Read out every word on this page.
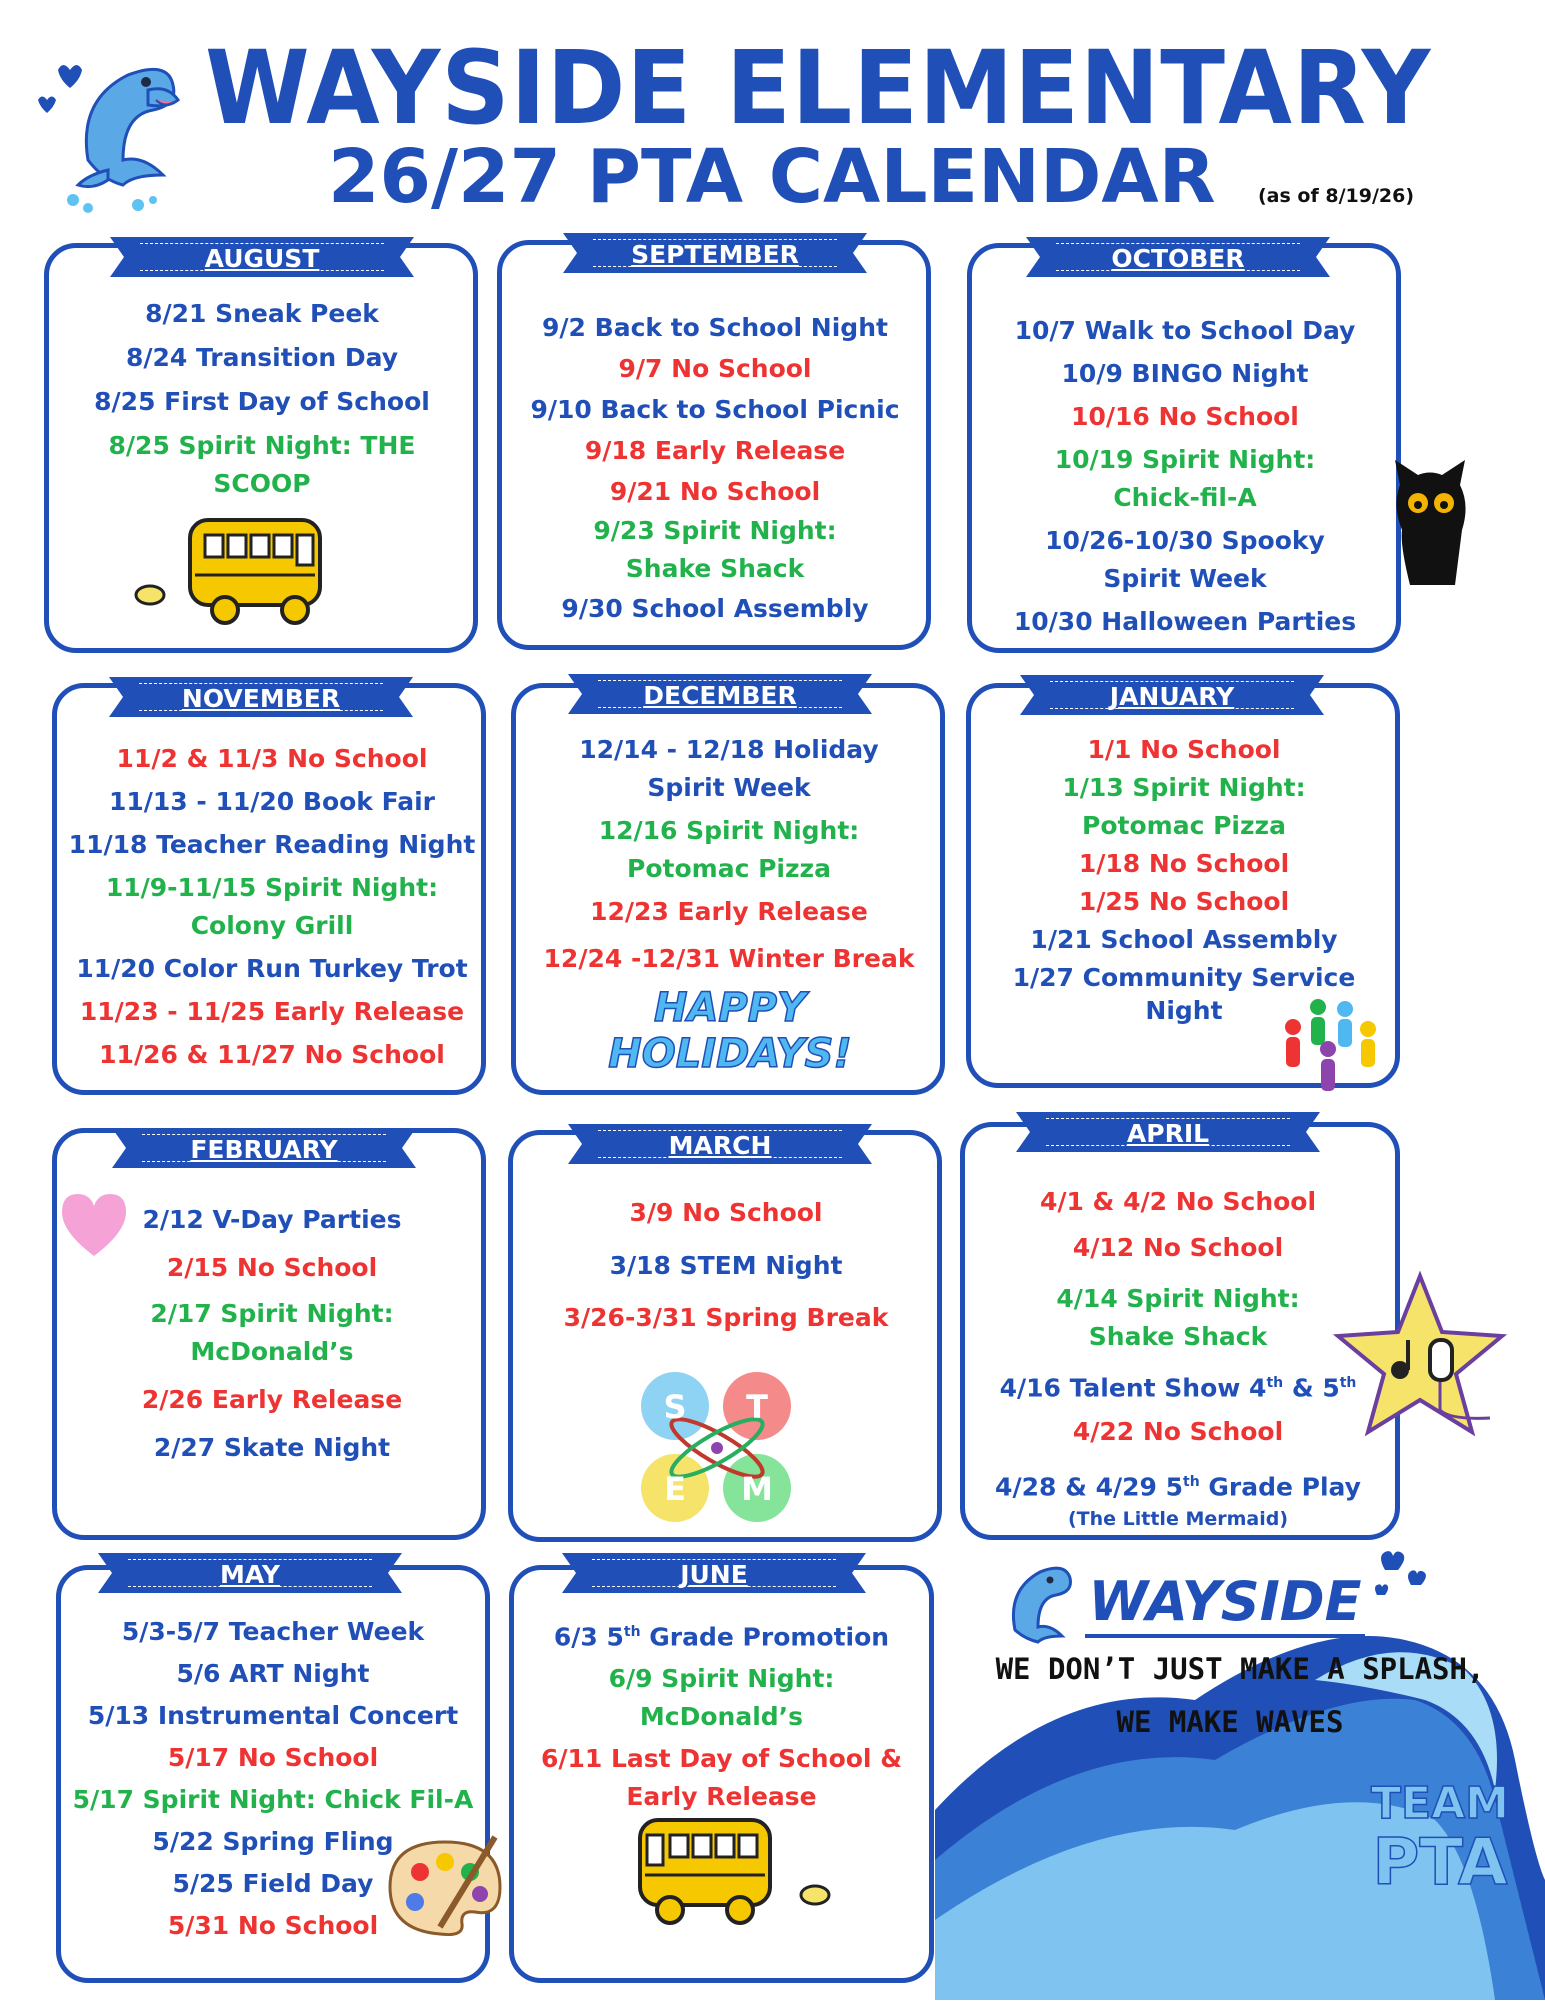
WAYSIDE ELEMENTARY
26/27 PTA CALENDAR (as of 8/19/26)
AUGUST
8/21 Sneak Peek
8/24 Transition Day
8/25 First Day of School
8/25 Spirit Night: THE
SCOOP
SEPTEMBER
9/2 Back to School Night
9/7 No School
9/10 Back to School Picnic
9/18 Early Release
9/21 No School
9/23 Spirit Night:
Shake Shack
9/30 School Assembly
OCTOBER
10/7 Walk to School Day
10/9 BINGO Night
10/16 No School
10/19 Spirit Night:
Chick-fil-A
10/26-10/30 Spooky
Spirit Week
10/30 Halloween Parties
NOVEMBER
11/2 & 11/3 No School
11/13 - 11/20 Book Fair
11/18 Teacher Reading Night
11/9-11/15 Spirit Night:
Colony Grill
11/20 Color Run Turkey Trot
11/23 - 11/25 Early Release
11/26 & 11/27 No School
DECEMBER
12/14 - 12/18 Holiday
Spirit Week
12/16 Spirit Night:
Potomac Pizza
12/23 Early Release
12/24 -12/31 Winter Break
HAPPY
HOLIDAYS!
JANUARY
1/1 No School
1/13 Spirit Night:
Potomac Pizza
1/18 No School
1/25 No School
1/21 School Assembly
1/27 Community Service
Night
FEBRUARY
2/12 V-Day Parties
2/15 No School
2/17 Spirit Night:
McDonald’s
2/26 Early Release
2/27 Skate Night
MARCH
3/9 No School
3/18 STEM Night
3/26-3/31 Spring Break
S T
E M
APRIL
4/1 & 4/2 No School
4/12 No School
4/14 Spirit Night:
Shake Shack
4/16 Talent Show 4th & 5th
4/22 No School
4/28 & 4/29 5th Grade Play
(The Little Mermaid)
MAY
5/3-5/7 Teacher Week
5/6 ART Night
5/13 Instrumental Concert
5/17 No School
5/17 Spirit Night: Chick Fil-A
5/22 Spring Fling
5/25 Field Day
5/31 No School
JUNE
6/3 5th Grade Promotion
6/9 Spirit Night:
McDonald’s
6/11 Last Day of School &
Early Release
WAYSIDE
WE DON’T JUST MAKE A SPLASH,
WE MAKE WAVES
TEAM
PTA
